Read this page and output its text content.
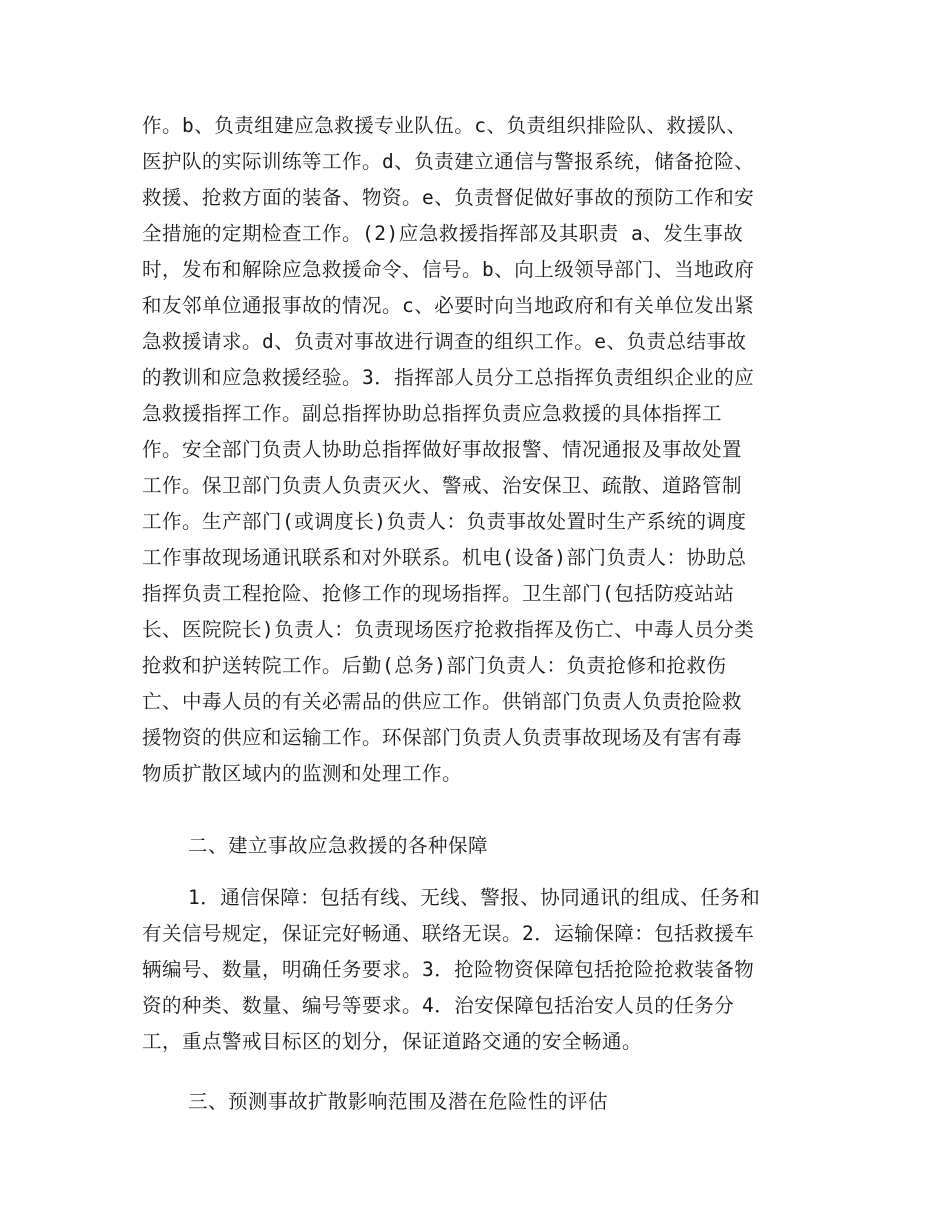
作。b、负责组建应急救援专业队伍。c、负责组织排险队、救援队、
医护队的实际训练等工作。d、负责建立通信与警报系统，储备抢险、
救援、抢救方面的装备、物资。e、负责督促做好事故的预防工作和安
全措施的定期检查工作。(2)应急救援指挥部及其职责 a、发生事故
时，发布和解除应急救援命令、信号。b、向上级领导部门、当地政府
和友邻单位通报事故的情况。c、必要时向当地政府和有关单位发出紧
急救援请求。d、负责对事故进行调查的组织工作。e、负责总结事故
的教训和应急救援经验。3．指挥部人员分工总指挥负责组织企业的应
急救援指挥工作。副总指挥协助总指挥负责应急救援的具体指挥工
作。安全部门负责人协助总指挥做好事故报警、情况通报及事故处置
工作。保卫部门负责人负责灭火、警戒、治安保卫、疏散、道路管制
工作。生产部门(或调度长)负责人：负责事故处置时生产系统的调度
工作事故现场通讯联系和对外联系。机电(设备)部门负责人：协助总
指挥负责工程抢险、抢修工作的现场指挥。卫生部门(包括防疫站站
长、医院院长)负责人：负责现场医疗抢救指挥及伤亡、中毒人员分类
抢救和护送转院工作。后勤(总务)部门负责人：负责抢修和抢救伤
亡、中毒人员的有关必需品的供应工作。供销部门负责人负责抢险救
援物资的供应和运输工作。环保部门负责人负责事故现场及有害有毒
物质扩散区域内的监测和处理工作。
二、建立事故应急救援的各种保障
1．通信保障：包括有线、无线、警报、协同通讯的组成、任务和
有关信号规定，保证完好畅通、联络无误。2．运输保障：包括救援车
辆编号、数量，明确任务要求。3．抢险物资保障包括抢险抢救装备物
资的种类、数量、编号等要求。4．治安保障包括治安人员的任务分
工，重点警戒目标区的划分，保证道路交通的安全畅通。
三、预测事故扩散影响范围及潜在危险性的评估
